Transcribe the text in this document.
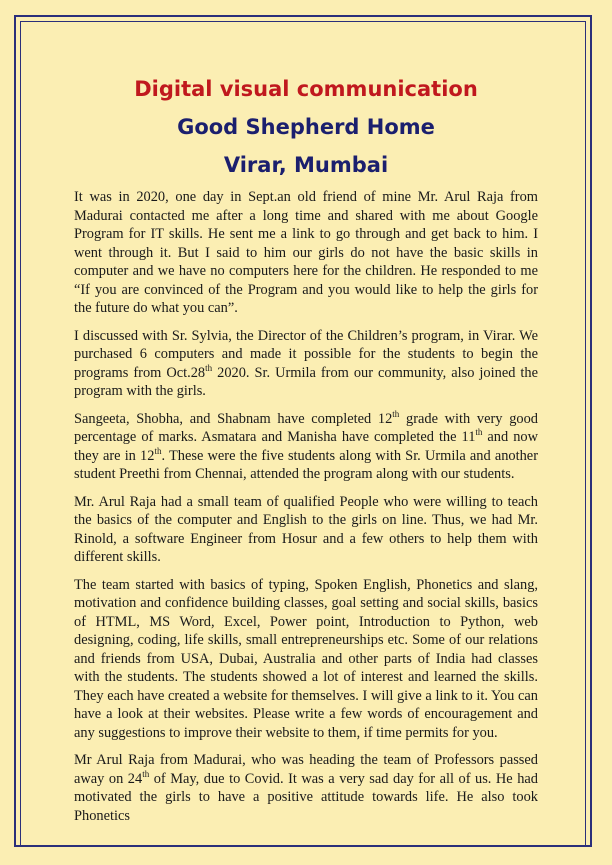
Digital visual communication
Good Shepherd Home
Virar, Mumbai

It was in 2020, one day in Sept.an old friend of mine Mr. Arul Raja from Madurai contacted me after a long time and shared with me about Google Program for IT skills. He sent me a link to go through and get back to him. I went through it. But I said to him our girls do not have the basic skills in computer and we have no computers here for the children. He responded to me “If you are convinced of the Program and you would like to help the girls for the future do what you can”.

I discussed with Sr. Sylvia, the Director of the Children’s program, in Virar. We purchased 6 computers and made it possible for the students to begin the programs from Oct.28th 2020. Sr. Urmila from our community, also joined the program with the girls.

Sangeeta, Shobha, and Shabnam have completed 12th grade with very good percentage of marks. Asmatara and Manisha have completed the 11th and now they are in 12th. These were the five students along with Sr. Urmila and another student Preethi from Chennai, attended the program along with our students.

Mr. Arul Raja had a small team of qualified People who were willing to teach the basics of the computer and English to the girls on line. Thus, we had Mr. Rinold, a software Engineer from Hosur and a few others to help them with different skills.

The team started with basics of typing, Spoken English, Phonetics and slang, motivation and confidence building classes, goal setting and social skills, basics of HTML, MS Word, Excel, Power point, Introduction to Python, web designing, coding, life skills, small entrepreneurships etc. Some of our relations and friends from USA, Dubai, Australia and other parts of India had classes with the students. The students showed a lot of interest and learned the skills. They each have created a website for themselves. I will give a link to it. You can have a look at their websites. Please write a few words of encouragement and any suggestions to improve their website to them, if time permits for you.

Mr Arul Raja from Madurai, who was heading the team of Professors passed away on 24th of May, due to Covid. It was a very sad day for all of us. He had motivated the girls to have a positive attitude towards life. He also took Phonetics
